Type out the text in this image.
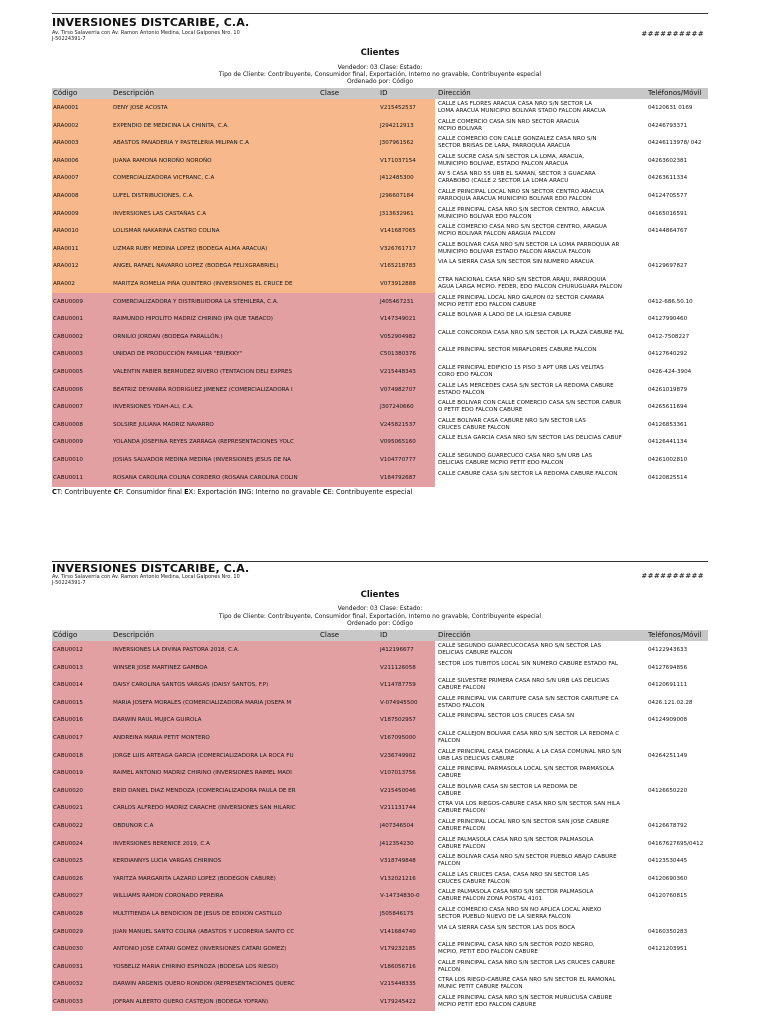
INVERSIONES DISTCARIBE, C.A.
Av. Tirso Salaverria con Av. Ramon Antonio Medina, Local Galpones Nro. 10
J-50224391-7
##########
Clientes
Vendedor: 03 Clase: Estado:
Tipo de Cliente: Contribuyente, Consumidor final, Exportación, Interno no gravable, Contribuyente especial
Ordenado por: Código
Código	Descripción	Clase	ID	Dirección	Teléfonos/Móvil
ARA0001	DENY JOSE ACOSTA	V215452537
CALLE LAS FLORES ARACUA CASA NRO S/N SECTOR LA
LOMA ARACUA MUNICIPIO BOLIVAR STADO FALCON ARACUA	04120631 0169
ARA0002	EXPENDIO DE MEDICINA LA CHINITA, C.A.	J294212913
CALLE COMERCIO CASA SIN NRO SECTOR ARACUA
MCPIO BOLIVAR	04246793371
ARA0003	ABASTOS PANADERIA Y PASTELERIA MILIPAN C.A	J307961562
CALLE COMERCIO CON CALLE GONZALEZ CASA NRO S/N
SECTOR BRISAS DE LARA, PARROQUIA ARACUA	04246113978/ 042
ARA0006	JUANA RAMONA NOROÑO NOROÑO	V171037154
CALLE SUCRE CASA S/N SECTOR LA LOMA, ARACUA,
MUNICIPIO BOLIVAE, ESTADO FALCON ARACUA	04263602381
ARA0007	COMERCIALIZADORA VICFRANC, C.A	J412485300
AV 5 CASA NRO 55 URB EL SAMAN, SECTOR 3 GUACARA
CARABOBO (CALLE 2 SECTOR LA LOMA ARACU	04263611334
ARA0008	LUFEL DISTRIBUCIONES, C.A.	J296607184
CALLE PRINCIPAL LOCAL NRO SN SECTOR CENTRO ARACUA
PARROQUIA ARACUA MUNICIPIO BOLIVAR EDO FALCON	04124705577
ARA0009	INVERSIONES LAS CASTAÑAS C.A	J313632961
CALLE PRINCIPAL CASA NRO S/N SECTOR CENTRO, ARACUA
MUNICIPIO BOLIVAR EDO FALCON	04165016591
ARA0010	LOLISMAR NAKARINA CASTRO COLINA	V141687065
CALLE COMERCIO CASA NRO S/N SECTOR CENTRO, ARAGUA
MCPIO BOLIVAR FALCON ARAGUA FALCON	04144864767
ARA0011	LIZMAR RUBY MEDINA LOPEZ (BODEGA ALMA ARACUA)	V326761717
CALLE BOLIVAR CASA NRO S/N SECTOR LA LOMA PARROQUIA AR
MUNICIPIO BOLIVAR ESTADO FALCON ARACUA FALCON
ARA0012	ANGEL RAFAEL NAVARRO LOPEZ (BODEGA FELIXGRABRIEL)	V165218783
VIA LA SIERRA CASA S/N SECTOR SIN NUMERO ARACUA
04129697827
ARA002	MARITZA ROMELIA PIÑA QUINTERO (INVERSIONES EL CRUCE DE	V073912888
CTRA NACIONAL CASA NRO S/N SECTOR ARAJU, PARROQUIA
AGUA LARGA MCPIO. FEDER, EDO FALCON CHURUGUARA FALCON
CABU0009	COMERCIALIZADORA Y DISTRIBUIDORA LA STEHILERA, C.A.	J405467231
CALLE PRINCIPAL LOCAL NRO GALPON 02 SECTOR CAMARA
MCPIO PETIT EDO FALCON CABURE	0412-686.50.10
CABU0001	RAIMUNDO HIPOLITO MADRIZ CHIRINO (PA QUE TABACO)	V147349021
CALLE BOLIVAR A LADO DE LA IGLESIA CABURE
04127990460
CABU0002	ORNILIO JORDAN (BODEGA FARALLÓN.)	V052904982
CALLE CONCORDIA CASA NRO S/N SECTOR LA PLAZA CABURE FAL
0412-7508227
CABU0003	UNIDAD DE PRODUCCIÓN FAMILIAR "ERIEKKY"	C501380376
CALLE PRINCIPAL SECTOR MIRAFLORES CABURE FALCON
04127640292
CABU0005	VALENTIN FABIER BERMUDEZ RIVERO (TENTACION DELI EXPRES	V215448343
CALLE PRINCIPAL EDIFICIO 15 PISO 3 APT URB LAS VELITAS
CORO EDO FALCON	0426-424-3904
CABU0006	BEATRIZ DEYANIRA RODRIGUEZ JIMENEZ (COMERCIALIZADORA I	V074982707
CALLE LAS MERCEDES CASA S/N SECTOR LA REDOMA CABURE
ESTADO FALCON	04261019879
CABU0007	INVERSIONES YDAH-ALI, C.A.	J307240660
CALLE BOLIVAR CON CALLE COMERCIO CASA S/N SECTOR CABUR
O PETIT EDO FALCON CABURE	04265611694
CABU0008	SOLSIRE JULIANA MADRIZ NAVARRO	V245821537
CALLE BOLIVAR CASA CABURE NRO S/N SECTOR LAS
CRUCES CABURE FALCON	04126853361
CABU0009	YOLANDA JOSEFINA REYES ZARRAGA (REPRESENTACIONES YOLC	V095065160
CALLE ELSA GARCIA CASA NRO S/N SECTOR LAS DELICIAS CABUF
04126441134
CABU0010	JOSIAS SALVADOR MEDINA MEDINA (INVERSIONES JESUS DE NA	V104770777
CALLE SEGUNDO GUARECUCO CASA NRO S/N URB LAS
DELICIAS CABURE MCPIO PETIT EDO FALCON	04261002810
CABU0011	ROSANA CAROLINA COLINA CORDERO (ROSANA CAROLINA COLIN	V184792687
CALLE CABURE CASA S/N SECTOR LA REDOMA CABURE FALCON
04120825514
CT: Contribuyente CF: Consumidor final EX: Exportación ING: Interno no gravable CE: Contribuyente especial
INVERSIONES DISTCARIBE, C.A.
Av. Tirso Salaverria con Av. Ramon Antonio Medina, Local Galpones Nro. 10
J-50224391-7
##########
Clientes
Vendedor: 03 Clase: Estado:
Tipo de Cliente: Contribuyente, Consumidor final, Exportación, Interno no gravable, Contribuyente especial
Ordenado por: Código
Código	Descripción	Clase	ID	Dirección	Teléfonos/Móvil
CABU0012	INVERSIONES LA DIVINA PASTORA 2018, C.A.	J412196677
CALLE SEGUNDO GUARECUCOCASA NRO S/N SECTOR LAS
DELICIAS CABURE FALCON	04122943633
CABU0013	WINSER JOSE MARTINEZ GAMBOA	V211126058
SECTOR LOS TUBITOS LOCAL SIN NUMERO CABURE ESTADO FAL
04127694856
CABU0014	DAISY CAROLINA SANTOS VARGAS (DAISY SANTOS, F.P)	V114787759
CALLE SILVESTRE PRIMERA CASA NRO S/N URB LAS DELICIAS
CABURE FALCON	04120691111
CABU0015	MARIA JOSEFA MORALES (COMERCIALIZADORA MARIA JOSEFA M	V-074945500
CALLE PRINCIPAL VIA CARITUPE CASA S/N SECTOR CARITUPE CA
ESTADO FALCON	0426.121.02.28
CABU0016	DARWIN RAUL MUJICA GUIROLA	V187502957
CALLE PRINCIPAL SECTOR LOS CRUCES CASA SN
04124909008
CABU0017	ANDREINA MARIA PETIT MONTERO	V167095000
CALLE CALLEJON BOLIVAR CASA NRO S/N SECTOR LA REDOMA C
FALCON
CABU0018	JORGE LUIS ARTEAGA GARCIA (COMERCIALIZADORA LA ROCA FU	V236749902
CALLE PRINCIPAL CASA DIAGONAL A LA CASA COMUNAL NRO S/N
URB LAS DELICIAS CABURE	04264251149
CABU0019	RAIMEL ANTONIO MADRIZ CHIRINO (INVERSIONES RAIMEL MADI	V107013756
CALLE PRINCIPAL PARMASOLA LOCAL S/N SECTOR PARMASOLA
CABURE
CABU0020	ERID DANIEL DIAZ MENDOZA (COMERCIALIZADORA PAULA DE ER	V215450046
CALLE BOLIVAR CASA SN SECTOR LA REDOMA DE
CABURE	04126650220
CABU0021	CARLOS ALFREDO MADRIZ CARACHE (INVERSIONES SAN HILARIC	V211131744
CTRA VIA LOS RIEGOS-CABURE CASA NRO S/N SECTOR SAN HILA
CABURE FALCON
CABU0022	OBDUNOR C.A	J407346504
CALLE PRINCIPAL LOCAL NRO S/N SECTOR SAN JOSE CABURE
CABURE FALCON	04126678792
CABU0024	INVERSIONES BERENICE 2019, C.A	J412354230
CALLE PALMASOLA CASA NRO S/N SECTOR PALMASOLA
CABURE FALCON	04167627695/0412
CABU0025	KERDIANNYS LUCIA VARGAS CHIRINOS	V318749848
CALLE BOLIVAR CASA NRO S/N SECTOR PUEBLO ABAJO CABURE
FALCON	04123530445
CABU0026	YARITZA MARGARITA LAZARO LOPEZ (BODEGON CABURE)	V132021216
CALLE LAS CRUCES CASA, CASA NRO SN SECTOR LAS
CRUCES CABURE FALCON	04120690360
CABU0027	WILLIAMS RAMON CORONADO PEREIRA	V-14734830-0
CALLE PALMASOLA CASA NRO S/N SECTOR PALMASOLA
CABURE FALCON ZONA POSTAL 4101	04120760815
CABU0028	MULTITIENDA LA BENDICION DE JESUS DE EDIXON CASTILLO	J505846175
CALLE COMERCIO CASA NRO SN NO APLICA LOCAL ANEXO
SECTOR PUEBLO NUEVO DE LA SIERRA FALCON
CABU0029	JUAN MANUEL SANTO COLINA (ABASTOS Y LICORERIA SANTO CC	V141684740
VIA LA SIERRA CASA S/N SECTOR LAS DOS BOCA
04160350283
CABU0030	ANTONIO JOSE CATARI GOMEZ (INVERSIONES CATARI GOMEZ)	V179232185
CALLE PRINCIPAL CASA NRO S/N SECTOR POZO NEGRO,
MCPIO, PETIT EDO FALCON CABURE	04121203951
CABU0031	YOSBELIZ MARIA CHIRINO ESPINOZA (BODEGA LOS RIEGO)	V186056716
CALLE PRINCIPAL CASA NRO S/N SECTOR LAS CRUCES CABURE
FALCON
CABU0032	DARWIN ARGENIS QUERO RONDON (REPRESENTACIONES QUERC	V215448335
CTRA LOS RIEGO-CABURE CASA NRO S/N SECTOR EL RAMONAL
MUNIC PETIT CABURE FALCON
CABU0033	JOFRAN ALBERTO QUERO CASTEJON (BODEGA YOFRAN)	V179245422
CALLE PRINCIPAL CASA NRO S/N SECTOR MURUCUSA CABURE
MCPIO PETIT EDO FALCON CABURE
